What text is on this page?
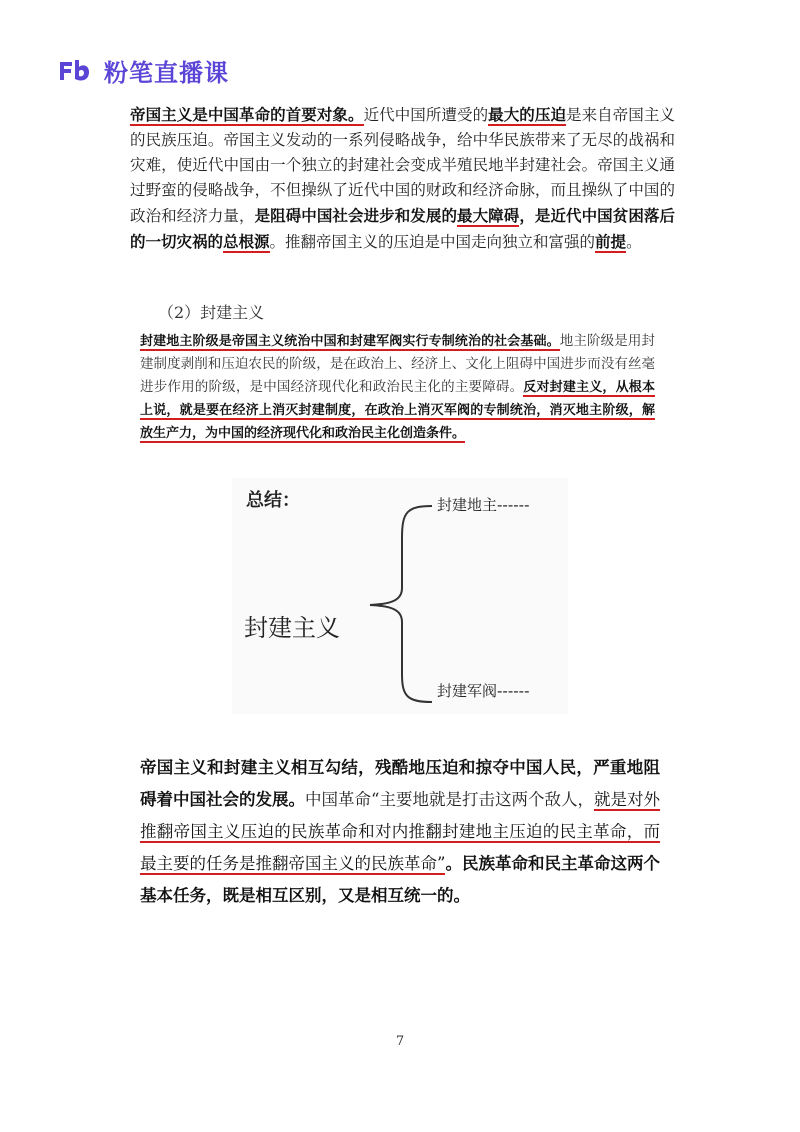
粉笔直播课

帝国主义是中国革命的首要对象。近代中国所遭受的最大的压迫是来自帝国主义的民族压迫。帝国主义发动的一系列侵略战争，给中华民族带来了无尽的战祸和灾难，使近代中国由一个独立的封建社会变成半殖民地半封建社会。帝国主义通过野蛮的侵略战争，不但操纵了近代中国的财政和经济命脉，而且操纵了中国的政治和经济力量，是阻碍中国社会进步和发展的最大障碍，是近代中国贫困落后的一切灾祸的总根源。推翻帝国主义的压迫是中国走向独立和富强的前提。

（2）封建主义
封建地主阶级是帝国主义统治中国和封建军阀实行专制统治的社会基础。地主阶级是用封建制度剥削和压迫农民的阶级，是在政治上、经济上、文化上阻碍中国进步而没有丝毫进步作用的阶级，是中国经济现代化和政治民主化的主要障碍。反对封建主义，从根本上说，就是要在经济上消灭封建制度，在政治上消灭军阀的专制统治，消灭地主阶级，解放生产力，为中国的经济现代化和政治民主化创造条件。
总结：
封建主义
封建地主------
封建军阀------
帝国主义和封建主义相互勾结，残酷地压迫和掠夺中国人民，严重地阻碍着中国社会的发展。中国革命“主要地就是打击这两个敌人，就是对外推翻帝国主义压迫的民族革命和对内推翻封建地主压迫的民主革命，而最主要的任务是推翻帝国主义的民族革命”。民族革命和民主革命这两个基本任务，既是相互区别，又是相互统一的。
7
